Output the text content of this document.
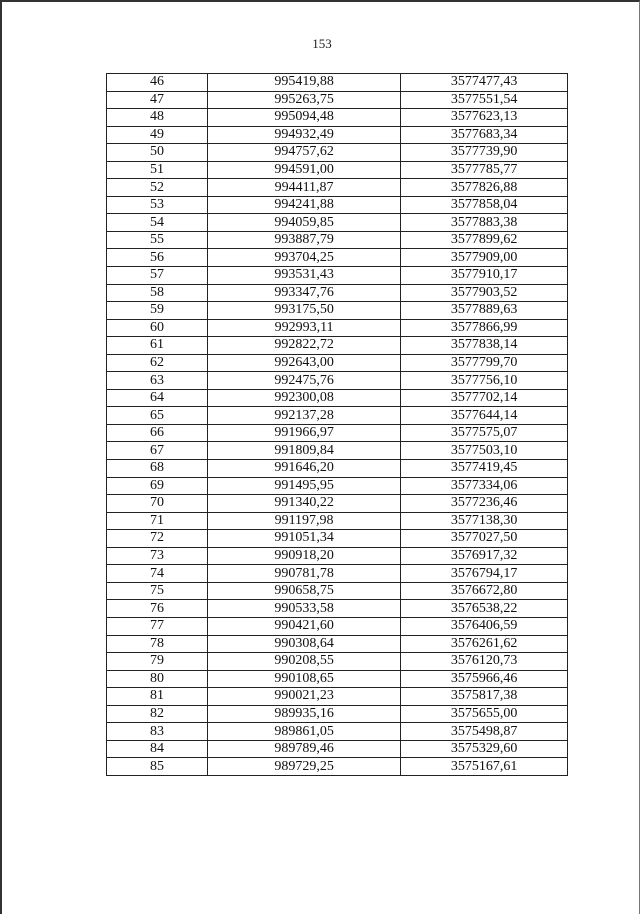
153
46	995419,88	3577477,43
47	995263,75	3577551,54
48	995094,48	3577623,13
49	994932,49	3577683,34
50	994757,62	3577739,90
51	994591,00	3577785,77
52	994411,87	3577826,88
53	994241,88	3577858,04
54	994059,85	3577883,38
55	993887,79	3577899,62
56	993704,25	3577909,00
57	993531,43	3577910,17
58	993347,76	3577903,52
59	993175,50	3577889,63
60	992993,11	3577866,99
61	992822,72	3577838,14
62	992643,00	3577799,70
63	992475,76	3577756,10
64	992300,08	3577702,14
65	992137,28	3577644,14
66	991966,97	3577575,07
67	991809,84	3577503,10
68	991646,20	3577419,45
69	991495,95	3577334,06
70	991340,22	3577236,46
71	991197,98	3577138,30
72	991051,34	3577027,50
73	990918,20	3576917,32
74	990781,78	3576794,17
75	990658,75	3576672,80
76	990533,58	3576538,22
77	990421,60	3576406,59
78	990308,64	3576261,62
79	990208,55	3576120,73
80	990108,65	3575966,46
81	990021,23	3575817,38
82	989935,16	3575655,00
83	989861,05	3575498,87
84	989789,46	3575329,60
85	989729,25	3575167,61
